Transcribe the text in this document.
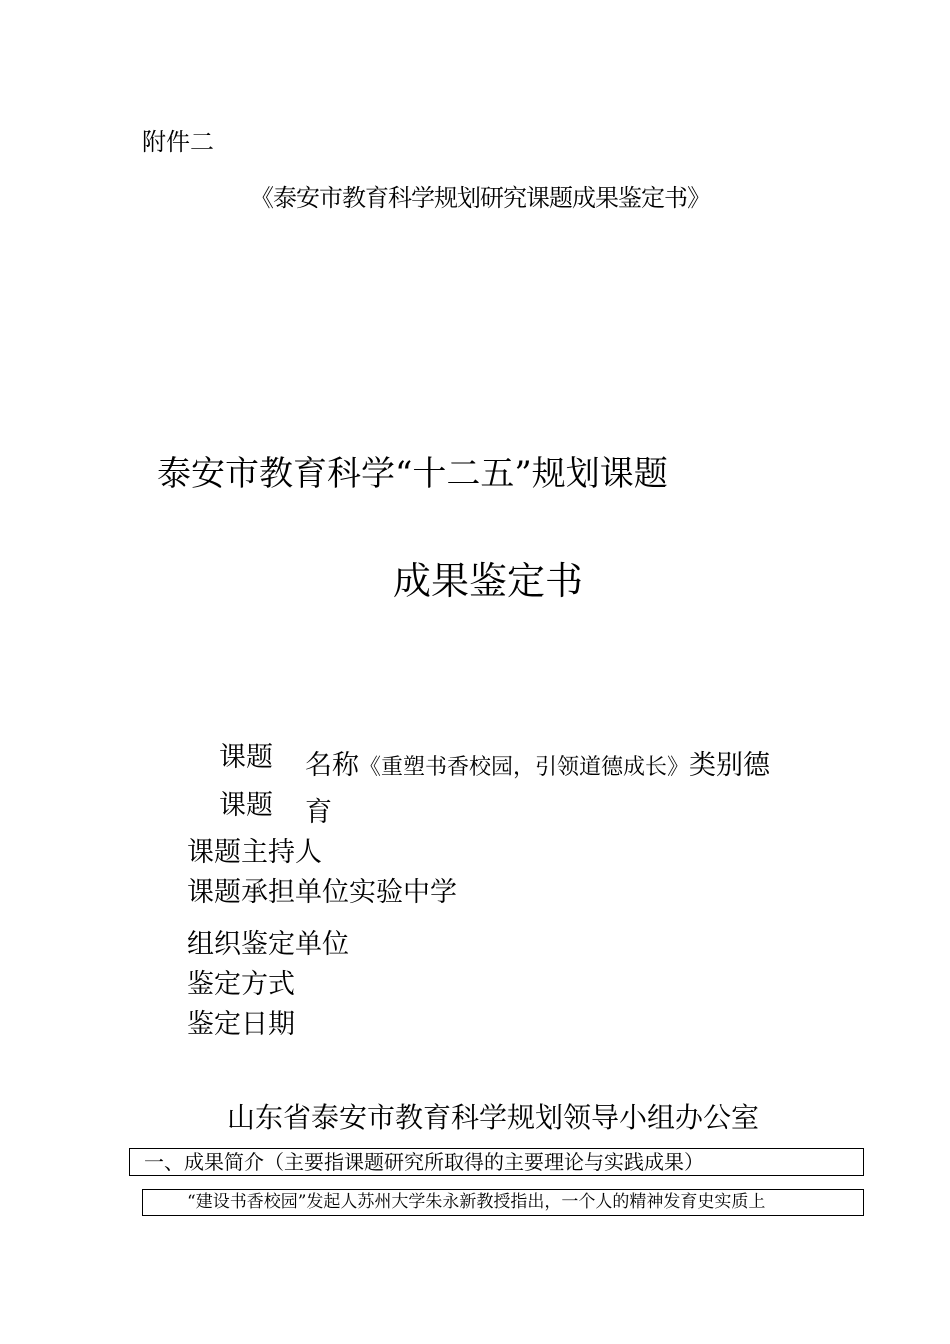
附件二
《泰安市教育科学规划研究课题成果鉴定书》
泰安市教育科学“十二五”规划课题
成果鉴定书
课题 名称《重塑书香校园，引领道德成长》类别德
课题 育
课题主持人
课题承担单位实验中学
组织鉴定单位
鉴定方式
鉴定日期
山东省泰安市教育科学规划领导小组办公室
一、成果简介（主要指课题研究所取得的主要理论与实践成果）
“建设书香校园”发起人苏州大学朱永新教授指出，一个人的精神发育史实质上
